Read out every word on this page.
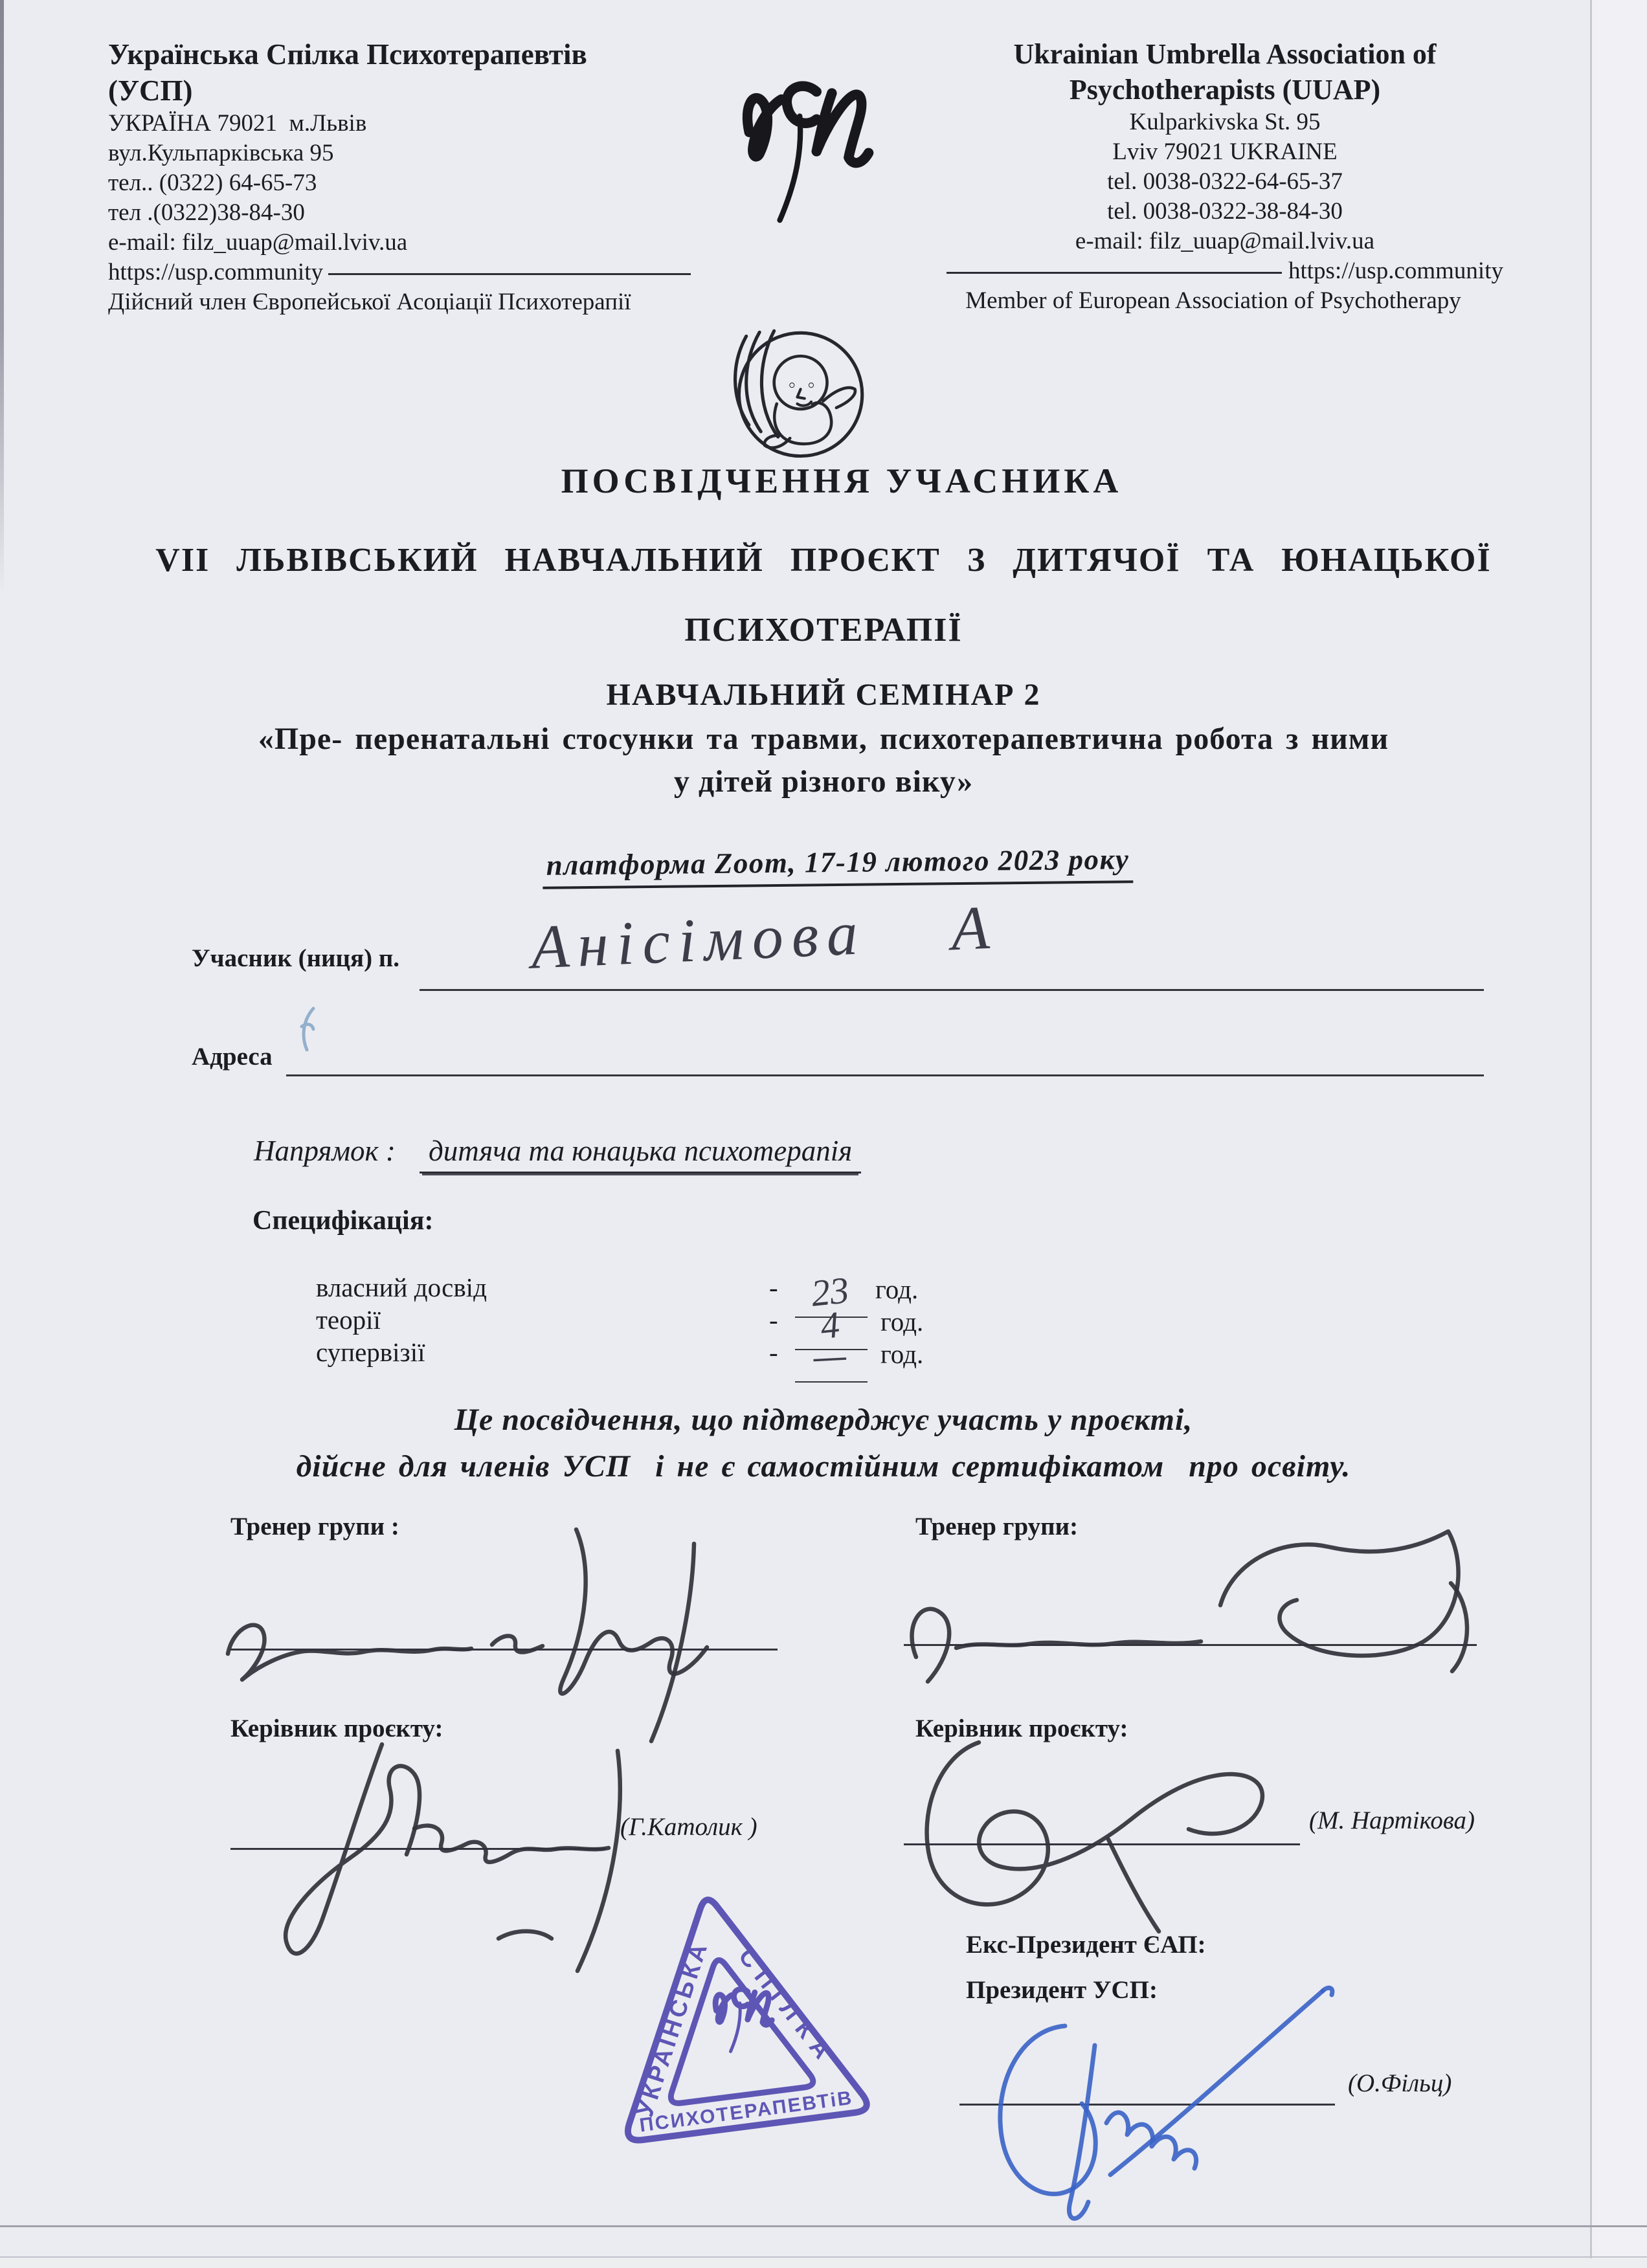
Українська Спілка Психотерапевтів
(УСП)
УКРАЇНА 79021  м.Львів
вул.Кульпарківська 95
тел.. (0322) 64-65-73
тел .(0322)38-84-30
e-mail: filz_uuap@mail.lviv.ua
https://usp.community
Дійсний член Європейської Асоціації Психотерапії
Ukrainian Umbrella Association of
Psychotherapists (UUAP)
Kulparkivska St. 95
Lviv 79021 UKRAINE
tel. 0038-0322-64-65-37
tel. 0038-0322-38-84-30
e-mail: filz_uuap@mail.lviv.ua
https://usp.community
Member of European Association of Psychotherapy
ПОСВІДЧЕННЯ УЧАСНИКА
VII ЛЬВІВСЬКИЙ НАВЧАЛЬНИЙ ПРОЄКТ З ДИТЯЧОЇ ТА ЮНАЦЬКОЇ
ПСИХОТЕРАПІЇ
НАВЧАЛЬНИЙ СЕМІНАР 2
«Пре- перенатальні стосунки та травми, психотерапевтична робота з ними
у дітей різного віку»
платформа Zoom, 17-19 лютого 2023 року
Учасник (ниця) п. Анісімова А
Адреса
Напрямок :	дитяча та юнацька психотерапія
Специфікація:
власний досвід	- 23 год.
теорії	-	4	год.
супервізії	-	—	год.
Це посвідчення, що підтверджує участь у проєкті,
дійсне для членів УСП  і не є самостійним сертифікатом  про освіту.
Тренер групи :	Тренер групи:
Керівник проєкту:	Керівник проєкту:
(Г.Католик )	(М. Нартікова)
УКРАЇНСЬКА СПІЛКА
ПСИХОТЕРАПЕВТіВ
Екс-Президент ЄАП:
Президент УСП:
(О.Фільц)
